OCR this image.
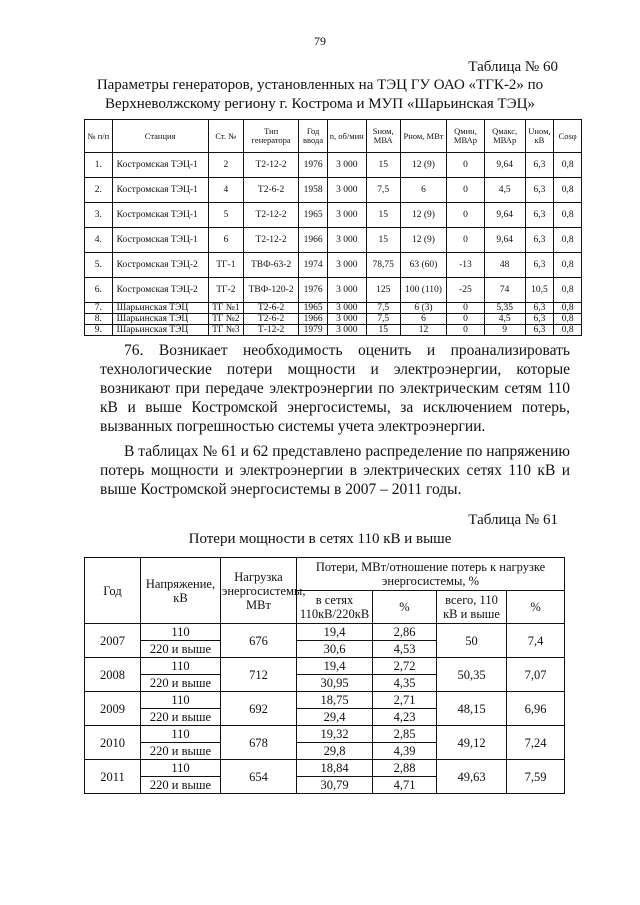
79
Таблица № 60
Параметры генераторов, установленных на ТЭЦ ГУ ОАО «ТГК-2» по
Верхневолжскому региону г. Кострома и МУП «Шарьинская ТЭЦ»
№ п/п	Станция	Ст. №	Тип генератора	Год ввода	n, об/мин	Sном, МВА	Рном, МВт	Qмин, МВАр	Qмакс, МВАр	Uном, кВ	Cosφ
1.	Костромская ТЭЦ-1	2	Т2-12-2	1976	3 000	15	12 (9)	0	9,64	6,3	0,8
2.	Костромская ТЭЦ-1	4	Т2-6-2	1958	3 000	7,5	6	0	4,5	6,3	0,8
3.	Костромская ТЭЦ-1	5	Т2-12-2	1965	3 000	15	12 (9)	0	9,64	6,3	0,8
4.	Костромская ТЭЦ-1	6	Т2-12-2	1966	3 000	15	12 (9)	0	9,64	6,3	0,8
5.	Костромская ТЭЦ-2	ТГ-1	ТВФ-63-2	1974	3 000	78,75	63 (60)	-13	48	6,3	0,8
6.	Костромская ТЭЦ-2	ТГ-2	ТВФ-120-2	1976	3 000	125	100 (110)	-25	74	10,5	0,8
7.	Шарьинская ТЭЦ	ТГ №1	Т2-6-2	1965	3 000	7,5	6 (3)	0	5,35	6,3	0,8
8.	Шарьинская ТЭЦ	ТГ №2	Т2-6-2	1966	3 000	7,5	6	0	4,5	6,3	0,8
9.	Шарьинская ТЭЦ	ТГ №3	Т-12-2	1979	3 000	15	12	0	9	6,3	0,8

76. Возникает необходимость оценить и проанализировать технологические потери мощности и электроэнергии, которые возникают при передаче электроэнергии по электрическим сетям 110 кВ и выше Костромской энергосистемы, за исключением потерь, вызванных погрешностью системы учета электроэнергии.

В таблицах № 61 и 62 представлено распределение по напряжению потерь мощности и электроэнергии в электрических сетях 110 кВ и выше Костромской энергосистемы в 2007 – 2011 годы.

Таблица № 61
Потери мощности в сетях 110 кВ и выше
Год	Напряжение, кВ	Нагрузка энергосистемы, МВт	Потери, МВт/отношение потерь к нагрузке энергосистемы, %			
			в сетях 110кВ/220кВ	%	всего, 110 кВ и выше	%
2007	110	676	19,4	2,86	50	7,4
	220 и выше		30,6	4,53		
2008	110	712	19,4	2,72	50,35	7,07
	220 и выше		30,95	4,35		
2009	110	692	18,75	2,71	48,15	6,96
	220 и выше		29,4	4,23		
2010	110	678	19,32	2,85	49,12	7,24
	220 и выше		29,8	4,39		
2011	110	654	18,84	2,88	49,63	7,59
	220 и выше		30,79	4,71		
